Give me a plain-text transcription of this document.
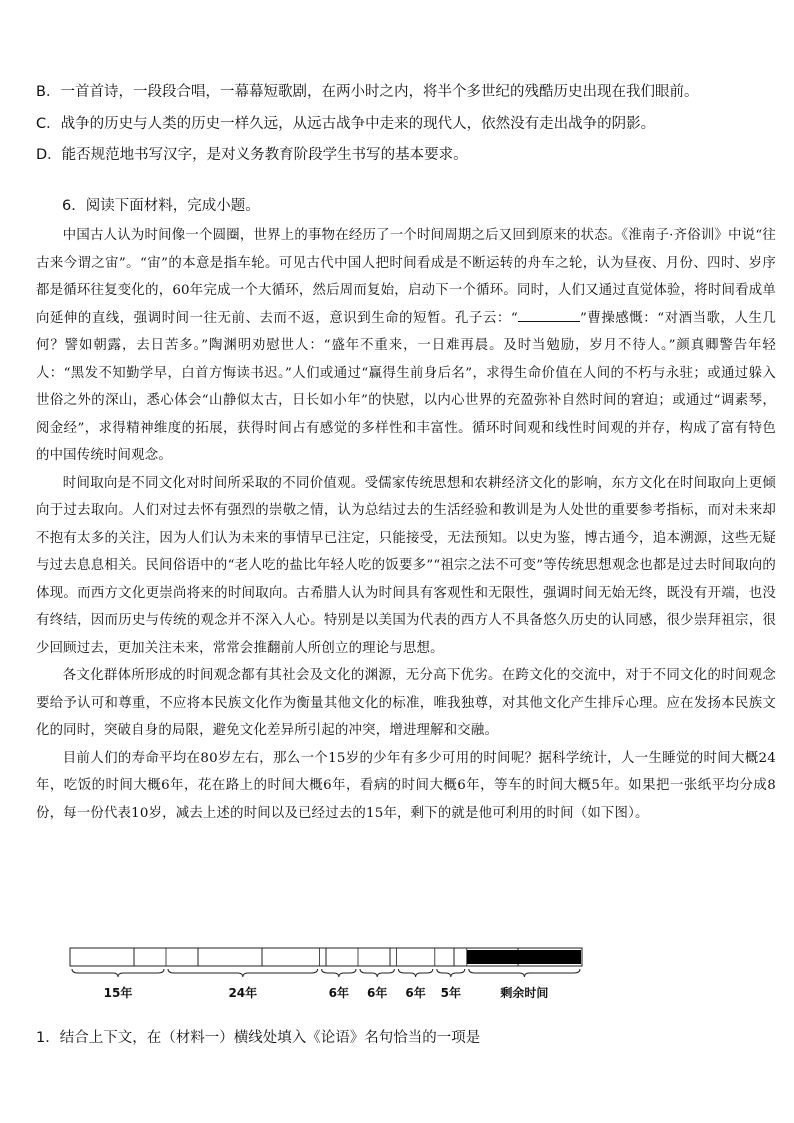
B．一首首诗，一段段合唱，一幕幕短歌剧，在两小时之内，将半个多世纪的残酷历史出现在我们眼前。
C．战争的历史与人类的历史一样久远，从远古战争中走来的现代人，依然没有走出战争的阴影。
D．能否规范地书写汉字，是对义务教育阶段学生书写的基本要求。
6．阅读下面材料，完成小题。

中国古人认为时间像一个圆圈，世界上的事物在经历了一个时间周期之后又回到原来的状态。《淮南子·齐俗训》中说“往古来今谓之宙”。“宙”的本意是指车轮。可见古代中国人把时间看成是不断运转的舟车之轮，认为昼夜、月份、四时、岁序都是循环往复变化的，60年完成一个大循环，然后周而复始，启动下一个循环。同时，人们又通过直觉体验，将时间看成单向延伸的直线，强调时间一往无前、去而不返，意识到生命的短暂。孔子云：“	”曹操感慨：“对酒当歌，人生几何？譬如朝露，去日苦多。”陶渊明劝慰世人：“盛年不重来，一日难再晨。及时当勉励，岁月不待人。”颜真卿警告年轻人：“黑发不知勤学早，白首方悔读书迟。”人们或通过“赢得生前身后名”，求得生命价值在人间的不朽与永驻；或通过躲入世俗之外的深山，悉心体会“山静似太古，日长如小年”的快慰，以内心世界的充盈弥补自然时间的窘迫；或通过“调素琴，阅金经”，求得精神维度的拓展，获得时间占有感觉的多样性和丰富性。循环时间观和线性时间观的并存，构成了富有特色的中国传统时间观念。

时间取向是不同文化对时间所采取的不同价值观。受儒家传统思想和农耕经济文化的影响，东方文化在时间取向上更倾向于过去取向。人们对过去怀有强烈的崇敬之情，认为总结过去的生活经验和教训是为人处世的重要参考指标，而对未来却不抱有太多的关注，因为人们认为未来的事情早已注定，只能接受，无法预知。以史为鉴，博古通今，追本溯源，这些无疑与过去息息相关。民间俗语中的“老人吃的盐比年轻人吃的饭要多”“祖宗之法不可变”等传统思想观念也都是过去时间取向的体现。而西方文化更崇尚将来的时间取向。古希腊人认为时间具有客观性和无限性，强调时间无始无终，既没有开端，也没有终结，因而历史与传统的观念并不深入人心。特别是以美国为代表的西方人不具备悠久历史的认同感，很少崇拜祖宗，很少回顾过去，更加关注未来，常常会推翻前人所创立的理论与思想。

各文化群体所形成的时间观念都有其社会及文化的渊源，无分高下优劣。在跨文化的交流中，对于不同文化的时间观念要给予认可和尊重，不应将本民族文化作为衡量其他文化的标准，唯我独尊，对其他文化产生排斥心理。应在发扬本民族文化的同时，突破自身的局限，避免文化差异所引起的冲突，增进理解和交融。

目前人们的寿命平均在80岁左右，那么一个15岁的少年有多少可用的时间呢？据科学统计，人一生睡觉的时间大概24年，吃饭的时间大概6年，花在路上的时间大概6年，看病的时间大概6年，等车的时间大概5年。如果把一张纸平均分成8份，每一份代表10岁，减去上述的时间以及已经过去的15年，剩下的就是他可利用的时间（如下图）。

15年	24年	6年 6年 6年 5年	剩余时间
1．结合上下文，在（材料一）横线处填入《论语》名句恰当的一项是
